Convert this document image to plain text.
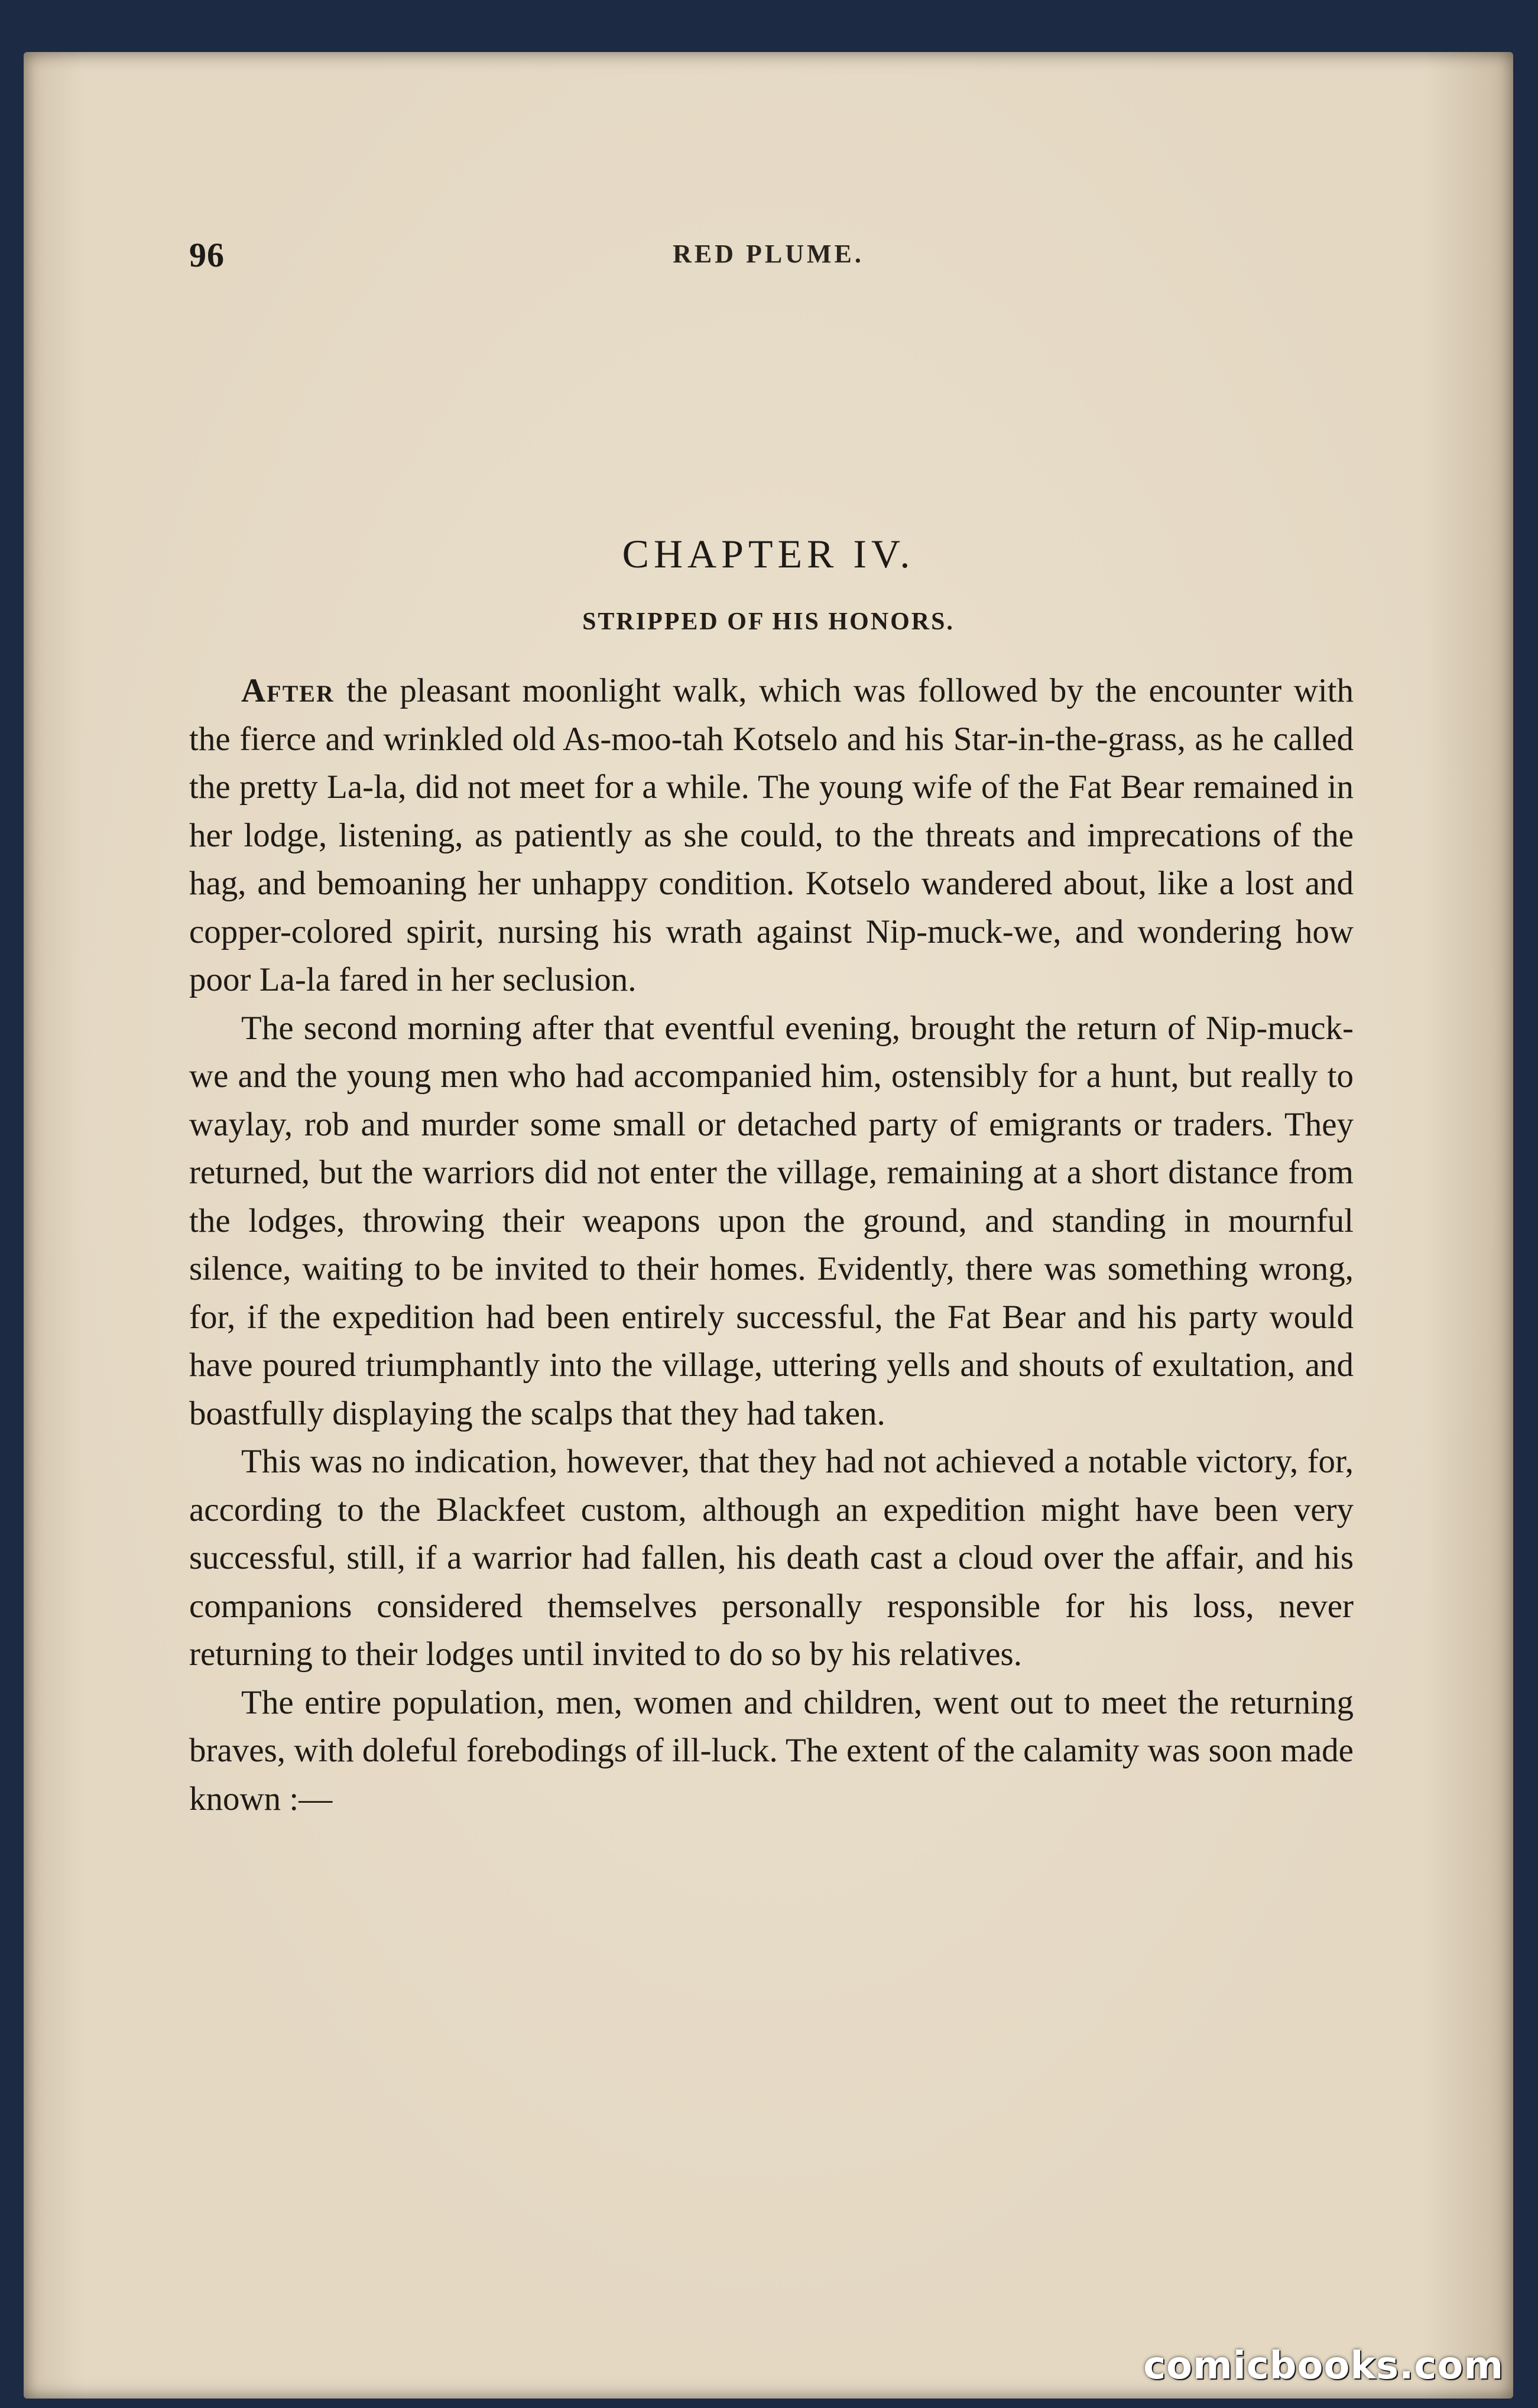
96	RED PLUME.
CHAPTER IV.
STRIPPED OF HIS HONORS.

After the pleasant moonlight walk, which was followed by the encounter with the fierce and wrinkled old As-moo-tah Kotselo and his Star-in-the-grass, as he called the pretty La-la, did not meet for a while. The young wife of the Fat Bear remained in her lodge, listening, as patiently as she could, to the threats and imprecations of the hag, and bemoaning her unhappy condition. Kotselo wandered about, like a lost and copper-colored spirit, nursing his wrath against Nip-muck-we, and wondering how poor La-la fared in her seclusion.

The second morning after that eventful evening, brought the return of Nip-muck-we and the young men who had accompanied him, ostensibly for a hunt, but really to waylay, rob and murder some small or detached party of emigrants or traders. They returned, but the warriors did not enter the village, remaining at a short distance from the lodges, throwing their weapons upon the ground, and standing in mournful silence, waiting to be invited to their homes. Evidently, there was something wrong, for, if the expedition had been entirely successful, the Fat Bear and his party would have poured triumphantly into the village, uttering yells and shouts of exultation, and boastfully displaying the scalps that they had taken.

This was no indication, however, that they had not achieved a notable victory, for, according to the Blackfeet custom, although an expedition might have been very successful, still, if a warrior had fallen, his death cast a cloud over the affair, and his companions considered themselves personally responsible for his loss, never returning to their lodges until invited to do so by his relatives.

The entire population, men, women and children, went out to meet the returning braves, with doleful forebodings of ill-luck. The extent of the calamity was soon made known :—

comicbooks.com
